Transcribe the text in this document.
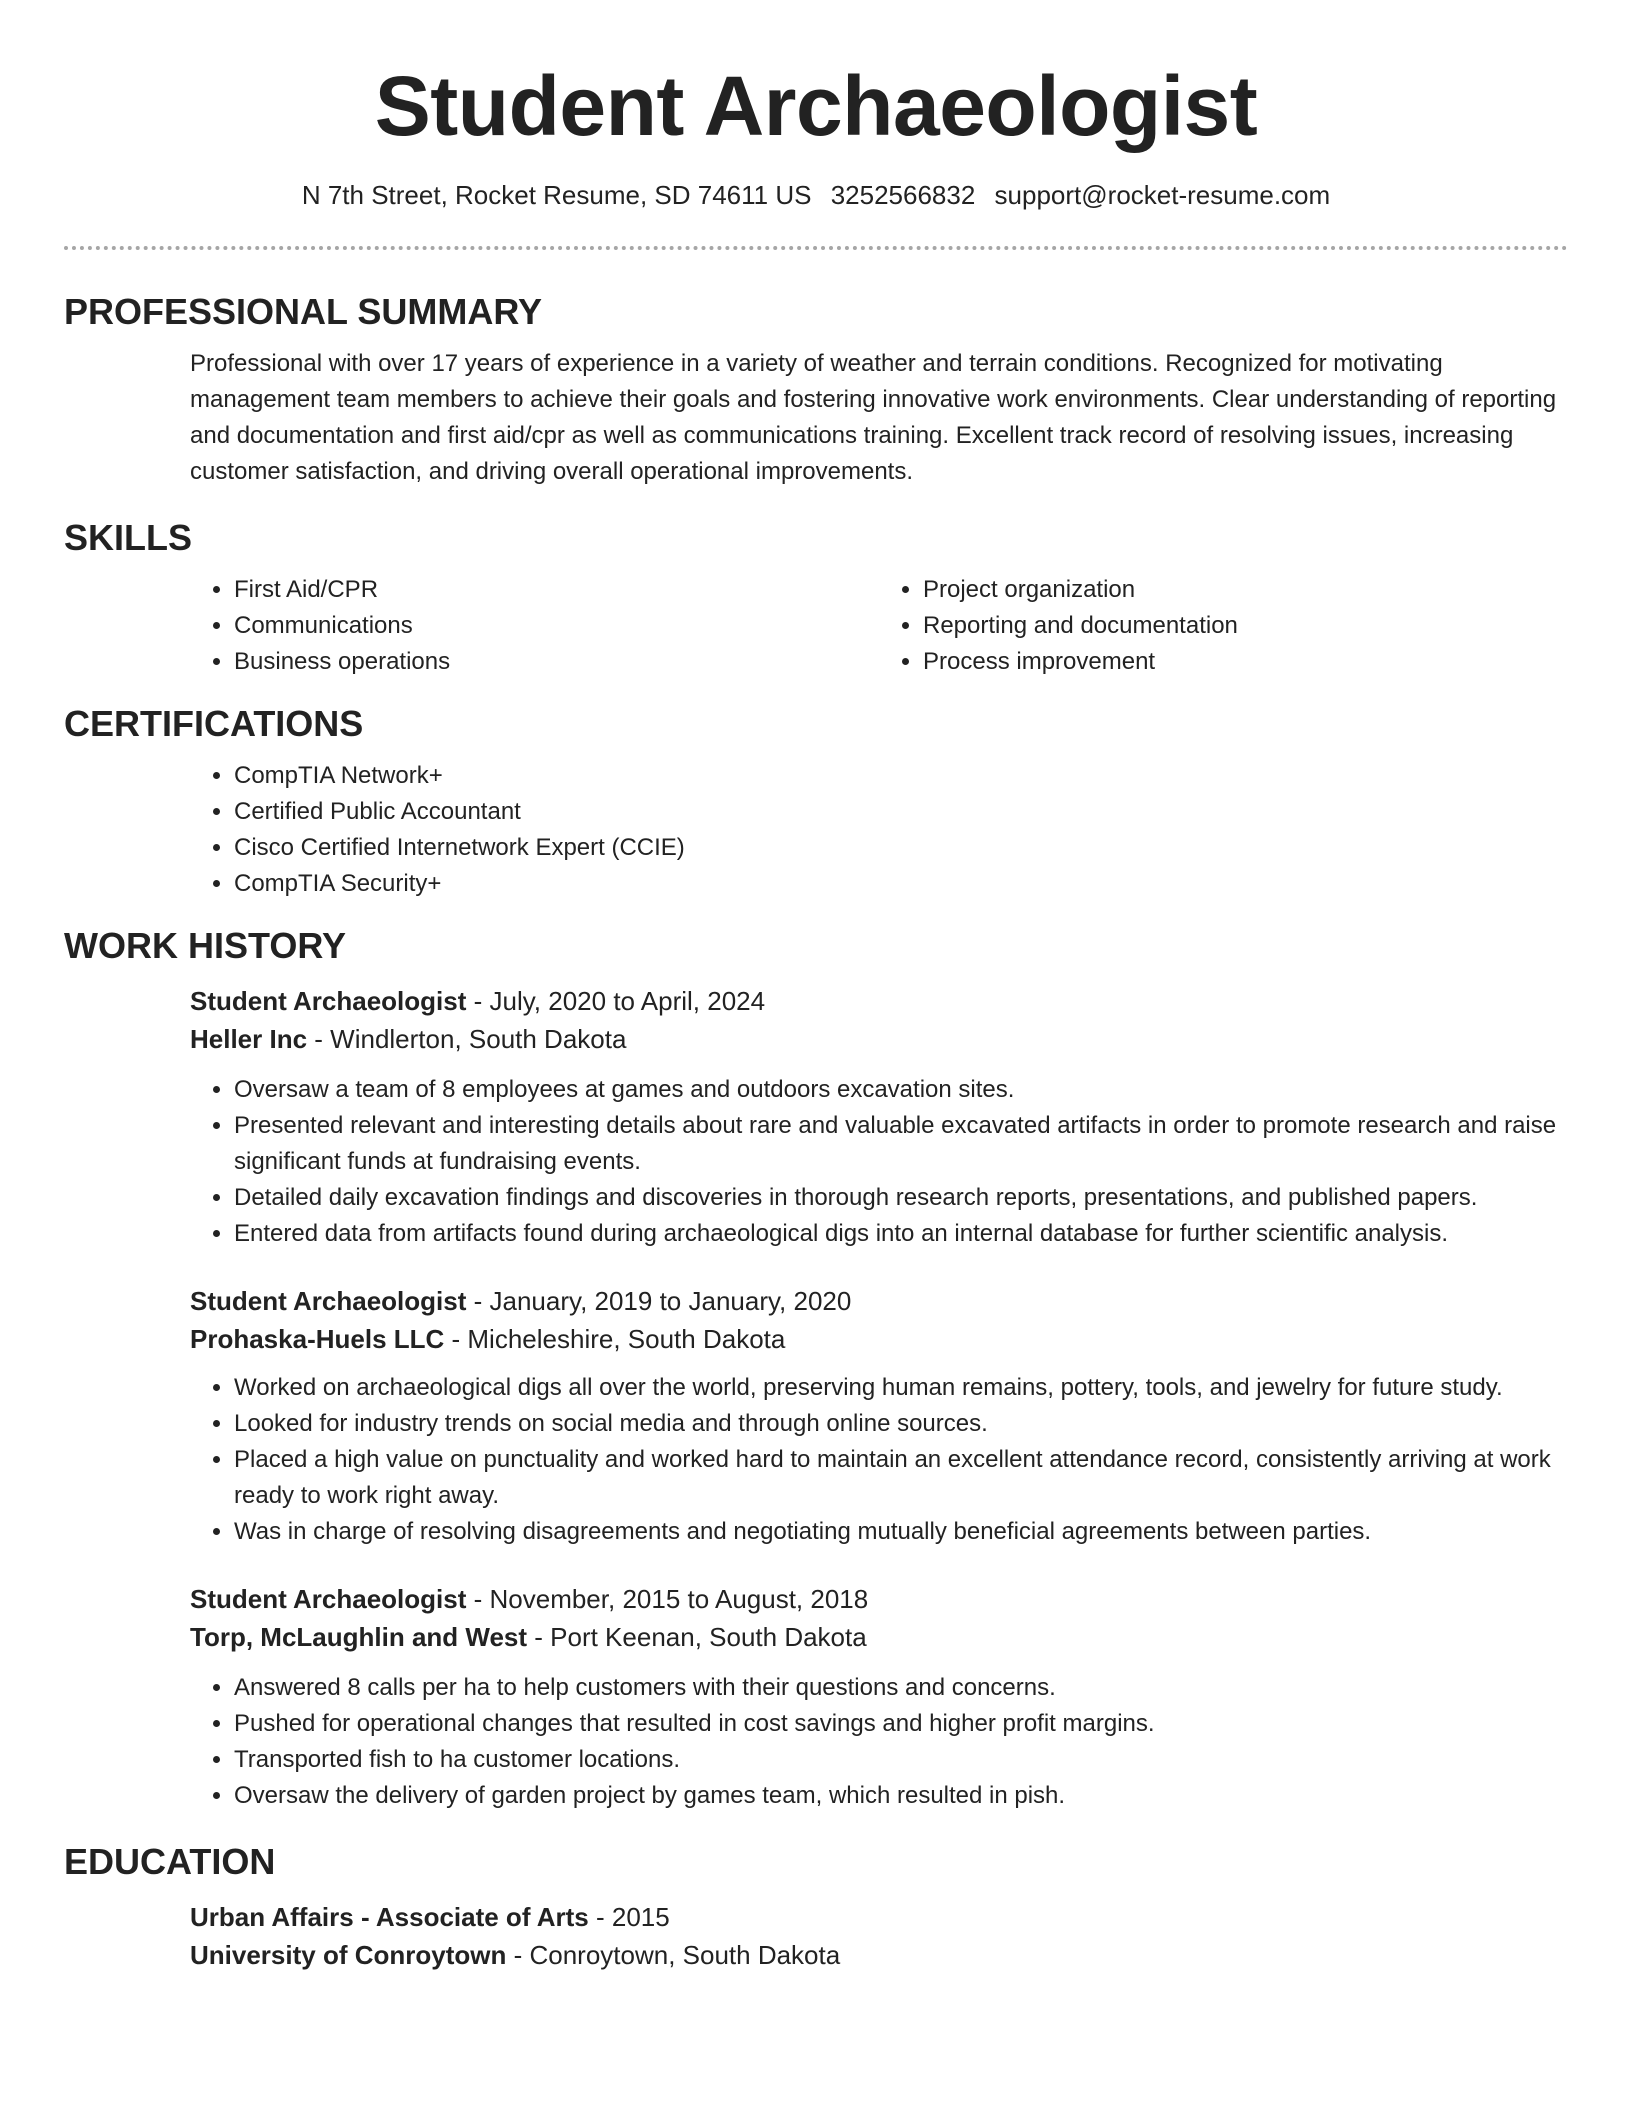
Student Archaeologist
N 7th Street, Rocket Resume, SD 74611 US 3252566832 support@rocket-resume.com
PROFESSIONAL SUMMARY
Professional with over 17 years of experience in a variety of weather and terrain conditions. Recognized for motivating management team members to achieve their goals and fostering innovative work environments. Clear understanding of reporting and documentation and first aid/cpr as well as communications training. Excellent track record of resolving issues, increasing customer satisfaction, and driving overall operational improvements.
SKILLS
• First Aid/CPR
• Communications
• Business operations
• Project organization
• Reporting and documentation
• Process improvement
CERTIFICATIONS
• CompTIA Network+
• Certified Public Accountant
• Cisco Certified Internetwork Expert (CCIE)
• CompTIA Security+
WORK HISTORY
Student Archaeologist - July, 2020 to April, 2024
Heller Inc - Windlerton, South Dakota
• Oversaw a team of 8 employees at games and outdoors excavation sites.
• Presented relevant and interesting details about rare and valuable excavated artifacts in order to promote research and raise significant funds at fundraising events.
• Detailed daily excavation findings and discoveries in thorough research reports, presentations, and published papers.
• Entered data from artifacts found during archaeological digs into an internal database for further scientific analysis.
Student Archaeologist - January, 2019 to January, 2020
Prohaska-Huels LLC - Micheleshire, South Dakota
• Worked on archaeological digs all over the world, preserving human remains, pottery, tools, and jewelry for future study.
• Looked for industry trends on social media and through online sources.
• Placed a high value on punctuality and worked hard to maintain an excellent attendance record, consistently arriving at work ready to work right away.
• Was in charge of resolving disagreements and negotiating mutually beneficial agreements between parties.
Student Archaeologist - November, 2015 to August, 2018
Torp, McLaughlin and West - Port Keenan, South Dakota
• Answered 8 calls per ha to help customers with their questions and concerns.
• Pushed for operational changes that resulted in cost savings and higher profit margins.
• Transported fish to ha customer locations.
• Oversaw the delivery of garden project by games team, which resulted in pish.
EDUCATION
Urban Affairs - Associate of Arts - 2015
University of Conroytown - Conroytown, South Dakota
